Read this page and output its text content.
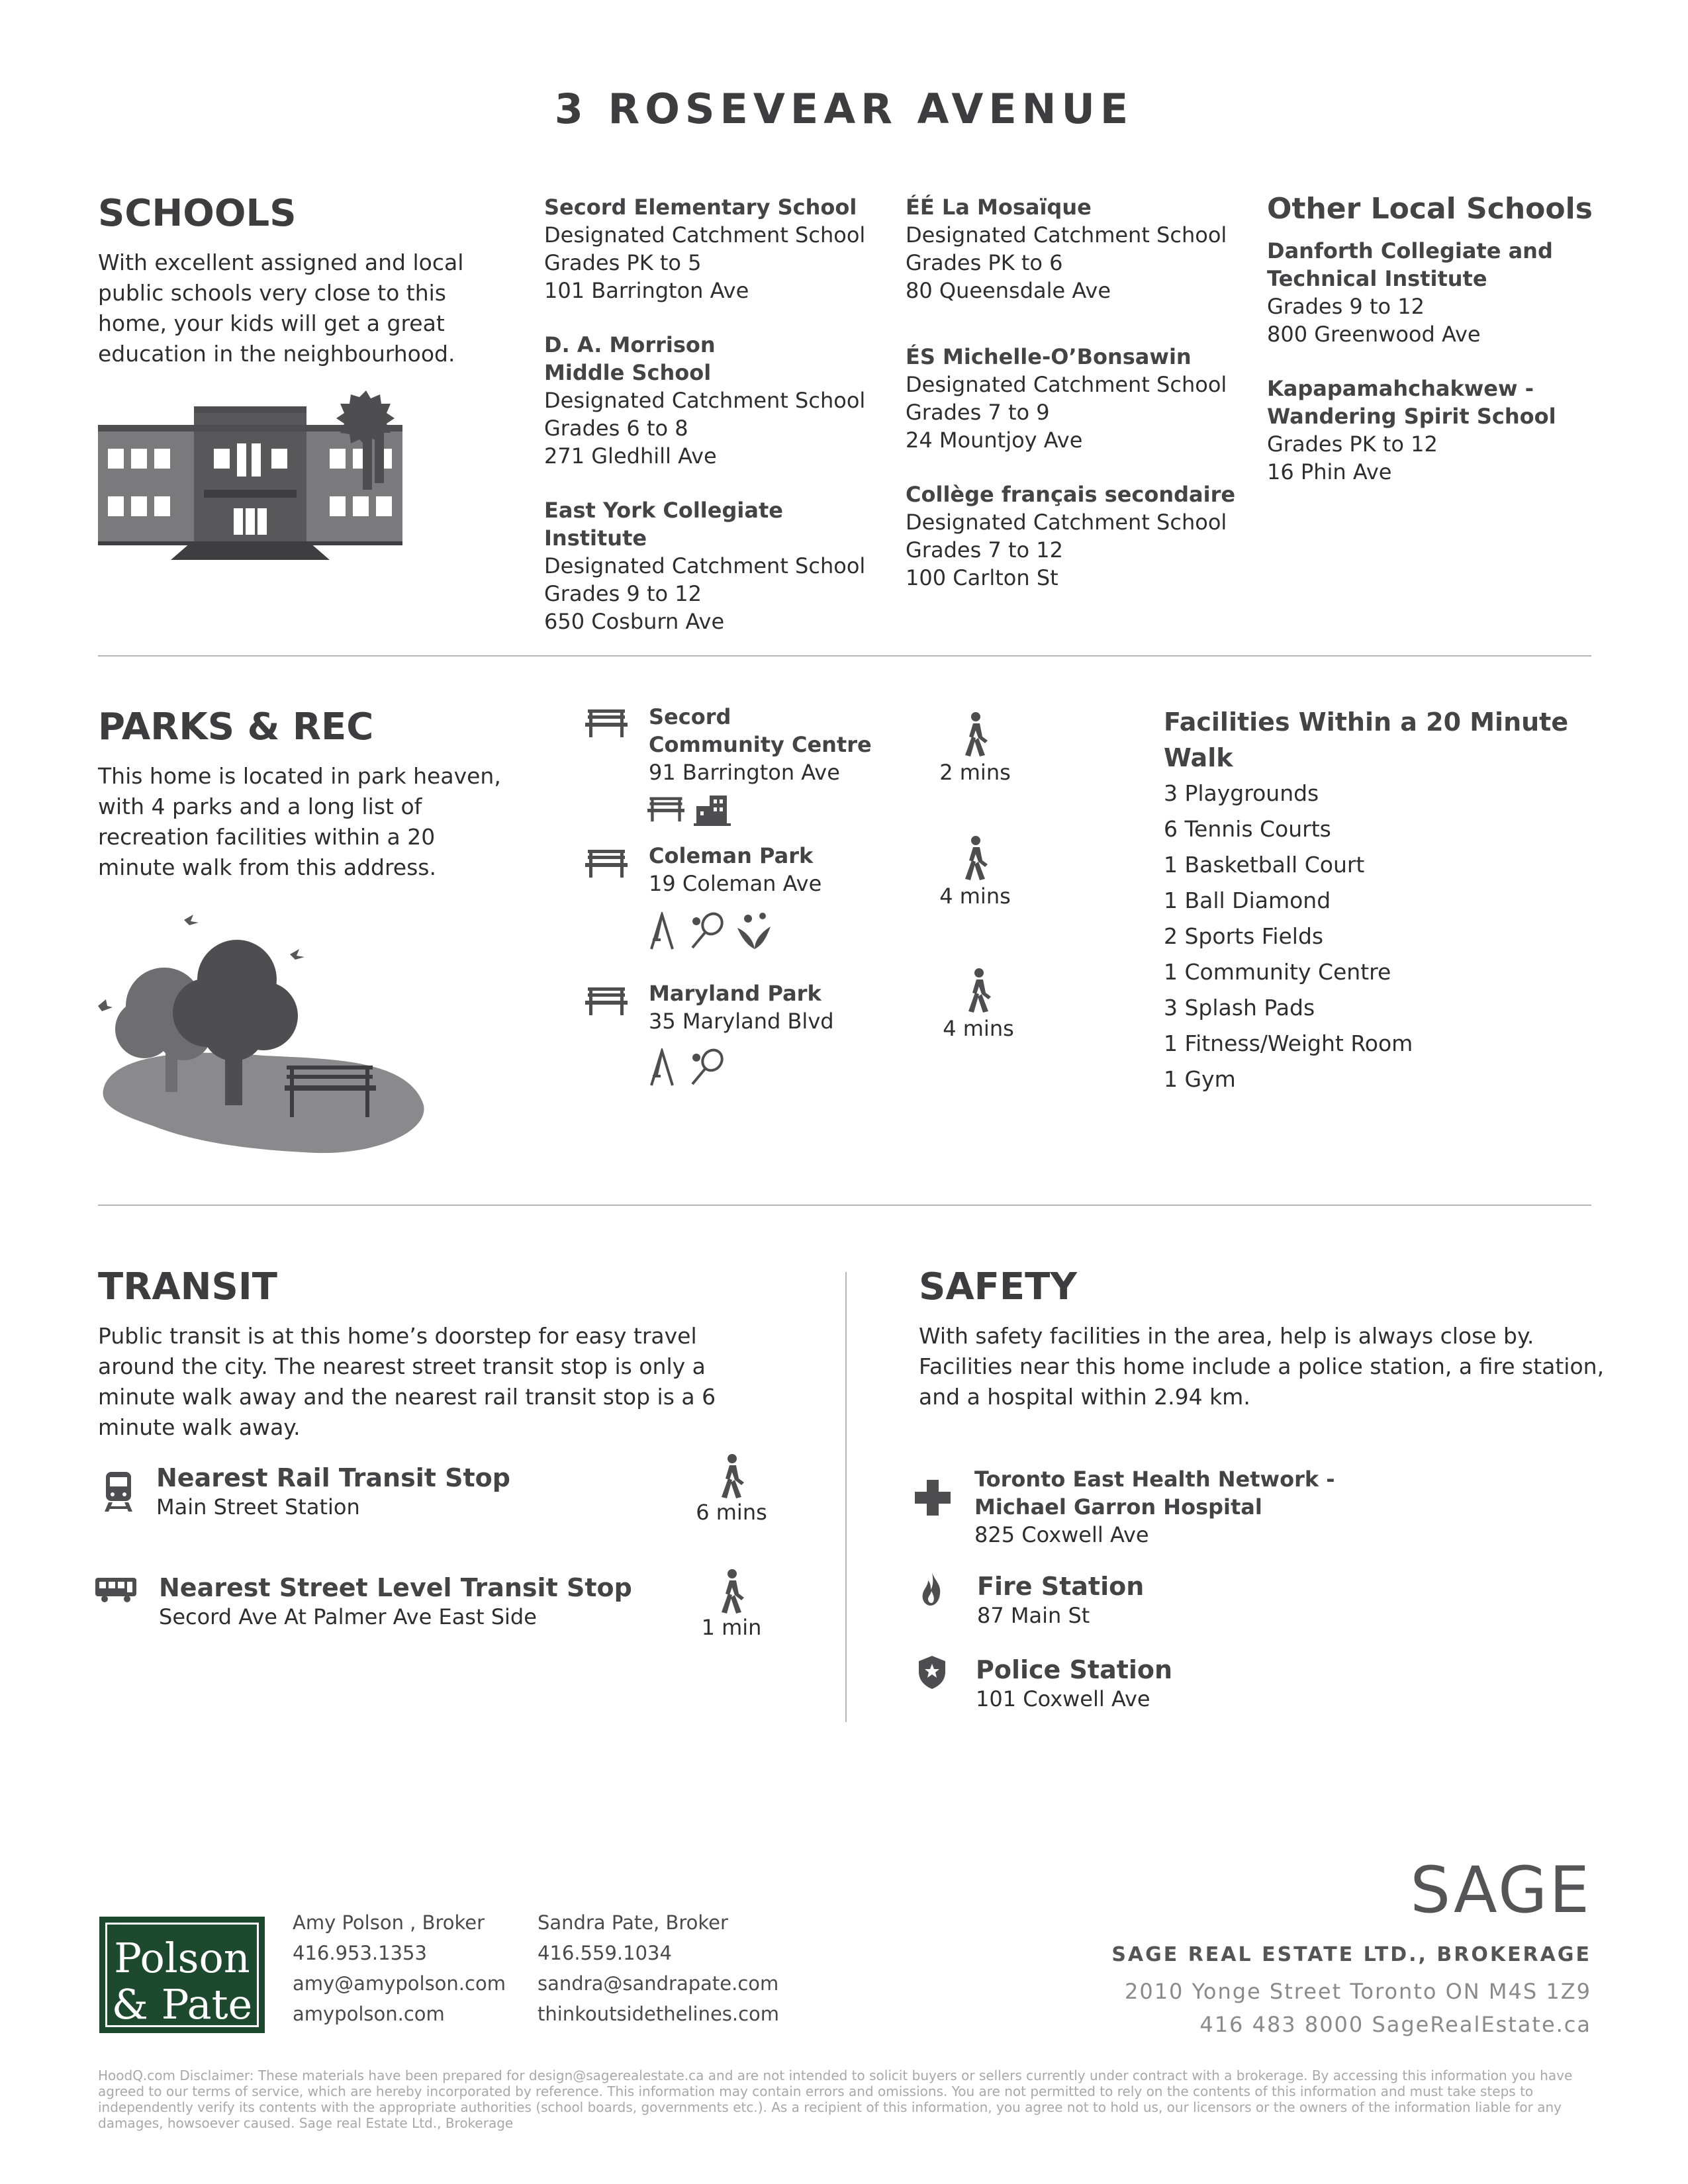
3 ROSEVEAR AVENUE
SCHOOLS
With excellent assigned and local public schools very close to this home, your kids will get a great education in the neighbourhood.
Secord Elementary School
Designated Catchment School
Grades PK to 5
101 Barrington Ave
D. A. Morrison
Middle School
Designated Catchment School
Grades 6 to 8
271 Gledhill Ave
East York Collegiate Institute
Designated Catchment School
Grades 9 to 12
650 Cosburn Ave
ÉÉ La Mosaïque
Designated Catchment School
Grades PK to 6
80 Queensdale Ave
ÉS Michelle-O’Bonsawin
Designated Catchment School
Grades 7 to 9
24 Mountjoy Ave
Collège français secondaire
Designated Catchment School
Grades 7 to 12
100 Carlton St
Other Local Schools
Danforth Collegiate and
Technical Institute
Grades 9 to 12
800 Greenwood Ave
Kapapamahchakwew -
Wandering Spirit School
Grades PK to 12
16 Phin Ave
PARKS & REC
This home is located in park heaven, with 4 parks and a long list of recreation facilities within a 20 minute walk from this address.
Secord
Community Centre
91 Barrington Ave
Coleman Park
19 Coleman Ave
Maryland Park
35 Maryland Blvd
2 mins
4 mins
4 mins
Facilities Within a 20 Minute Walk
3 Playgrounds
6 Tennis Courts
1 Basketball Court
1 Ball Diamond
2 Sports Fields
1 Community Centre
3 Splash Pads
1 Fitness/Weight Room
1 Gym
TRANSIT
Public transit is at this home’s doorstep for easy travel around the city. The nearest street transit stop is only a minute walk away and the nearest rail transit stop is a 6 minute walk away.
Nearest Rail Transit Stop
Main Street Station	6 mins
Nearest Street Level Transit Stop
Secord Ave At Palmer Ave East Side	1 min
SAFETY
With safety facilities in the area, help is always close by. Facilities near this home include a police station, a fire station, and a hospital within 2.94 km.
Toronto East Health Network -
Michael Garron Hospital
825 Coxwell Ave
Fire Station
87 Main St
Police Station
101 Coxwell Ave
Polson
& Pate
Amy Polson , Broker
416.953.1353
amy@amypolson.com
amypolson.com
Sandra Pate, Broker
416.559.1034
sandra@sandrapate.com
thinkoutsidethelines.com
SAGE
SAGE REAL ESTATE LTD., BROKERAGE
2010 Yonge Street Toronto ON M4S 1Z9
416 483 8000 SageRealEstate.ca
HoodQ.com Disclaimer: These materials have been prepared for design@sagerealestate.ca and are not intended to solicit buyers or sellers currently under contract with a brokerage. By accessing this information you have agreed to our terms of service, which are hereby incorporated by reference. This information may contain errors and omissions. You are not permitted to rely on the contents of this information and must take steps to independently verify its contents with the appropriate authorities (school boards, governments etc.). As a recipient of this information, you agree not to hold us, our licensors or the owners of the information liable for any damages, howsoever caused. Sage real Estate Ltd., Brokerage
